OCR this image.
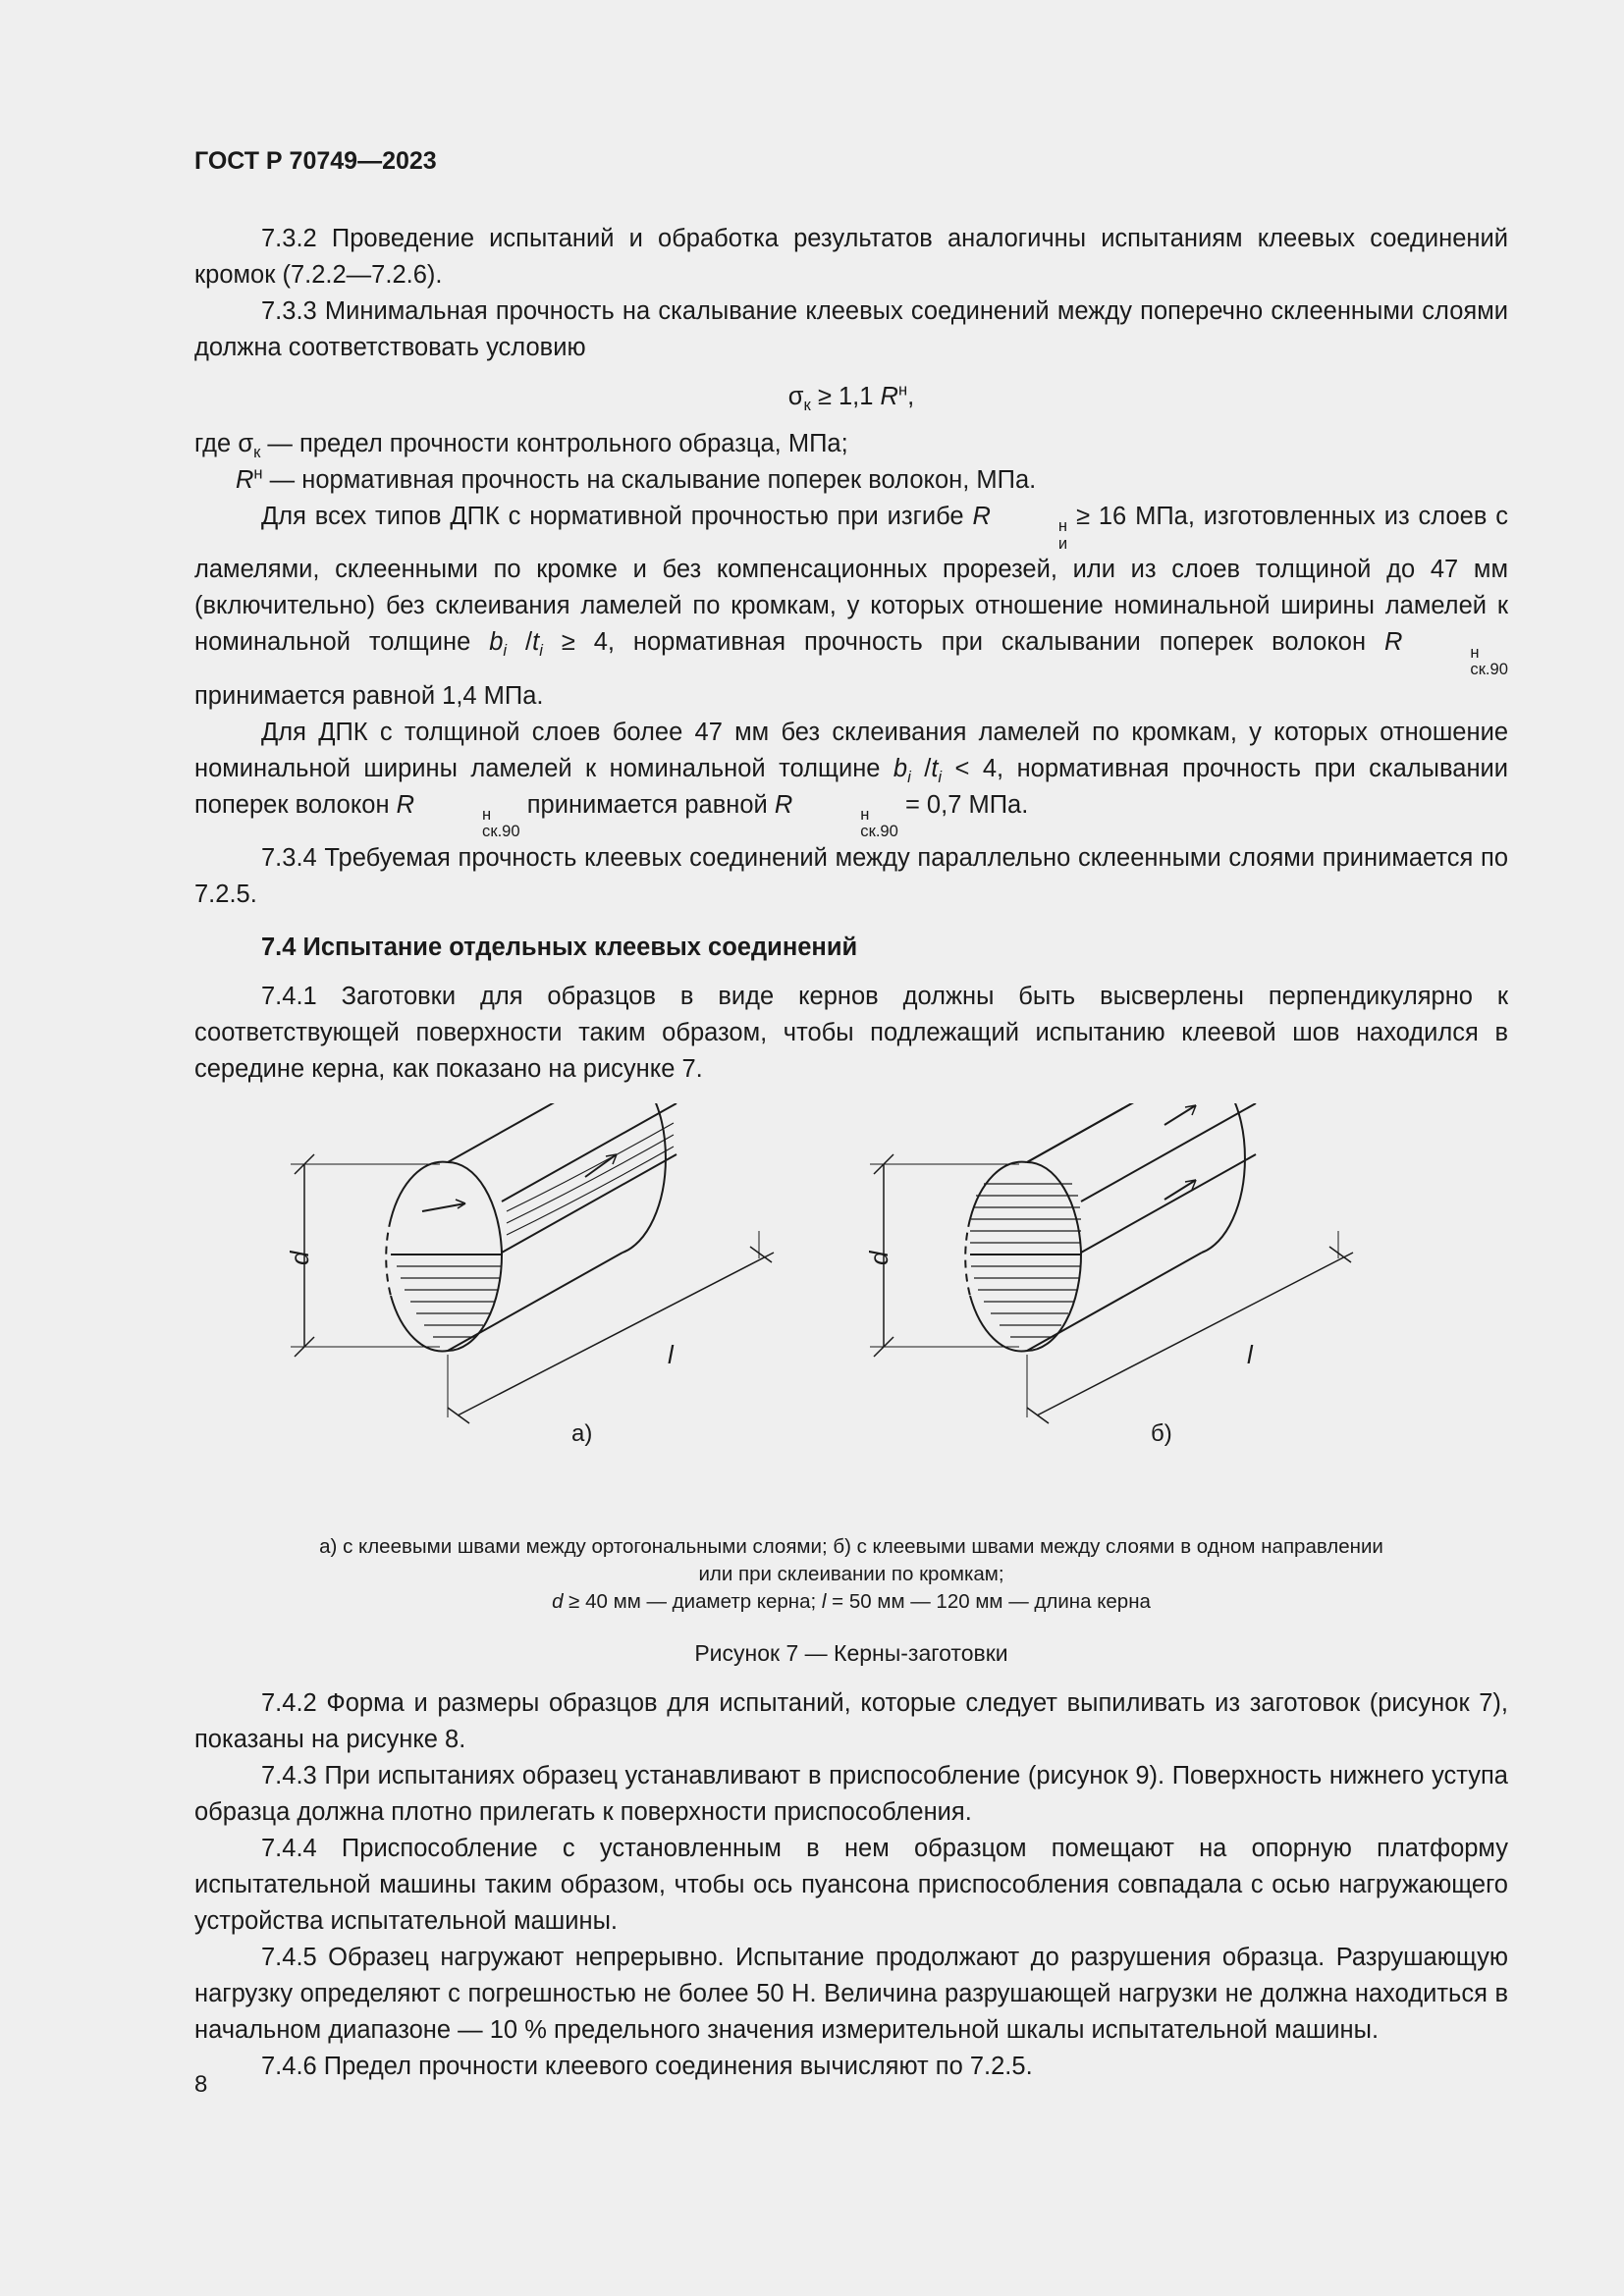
ГОСТ Р 70749—2023

7.3.2 Проведение испытаний и обработка результатов аналогичны испытаниям клеевых соединений кромок (7.2.2—7.2.6).

7.3.3 Минимальная прочность на скалывание клеевых соединений между поперечно склеенными слоями должна соответствовать условию

$\sigma_к \ge 1,1$ $R^н$,

где $\sigma_к$ — предел прочности контрольного образца, МПа;

$R^н$ — нормативная прочность на скалывание поперек волокон, МПа.

Для всех типов ДПК с нормативной прочностью при изгибе R	н
и
≥ 16 МПа, изготовленных из слоев с ламелями, склеенными по кромке и без компенсационных прорезей, или из слоев толщиной до 47 мм (включительно) без склеивания ламелей по кромкам, у которых отношение номинальной ширины ламелей к номинальной толщине $b_i$ $/t_i \ge 4$, нормативная прочность при скалывании поперек волокон R	н
ск.90
принимается равной 1,4 МПа.

Для ДПК с толщиной слоев более 47 мм без склеивания ламелей по кромкам, у которых отношение номинальной ширины ламелей к номинальной толщине $b_i$ $/t_i < 4$, нормативная прочность при скалывании поперек волокон R	н
ск.90
принимается равной R	н
ск.90
= 0,7 МПа.

7.3.4 Требуемая прочность клеевых соединений между параллельно склеенными слоями принимается по 7.2.5.

7.4 Испытание отдельных клеевых соединений

7.4.1 Заготовки для образцов в виде кернов должны быть высверлены перпендикулярно к соответствующей поверхности таким образом, чтобы подлежащий испытанию клеевой шов находился в середине керна, как показано на рисунке 7.

d	d
l	l
а)	б)
а) с клеевыми швами между ортогональными слоями; б) с клеевыми швами между слоями в одном направлении
или при склеивании по кромкам;
d ≥ 40 мм — диаметр керна; l = 50 мм — 120 мм — длина керна
Рисунок 7 — Керны-заготовки

7.4.2 Форма и размеры образцов для испытаний, которые следует выпиливать из заготовок (рисунок 7), показаны на рисунке 8.

7.4.3 При испытаниях образец устанавливают в приспособление (рисунок 9). Поверхность нижнего уступа образца должна плотно прилегать к поверхности приспособления.

7.4.4 Приспособление с установленным в нем образцом помещают на опорную платформу испытательной машины таким образом, чтобы ось пуансона приспособления совпадала с осью нагружающего устройства испытательной машины.

7.4.5 Образец нагружают непрерывно. Испытание продолжают до разрушения образца. Разрушающую нагрузку определяют с погрешностью не более 50 Н. Величина разрушающей нагрузки не должна находиться в начальном диапазоне — 10 % предельного значения измерительной шкалы испытательной машины.

7.4.6 Предел прочности клеевого соединения вычисляют по 7.2.5.

8
